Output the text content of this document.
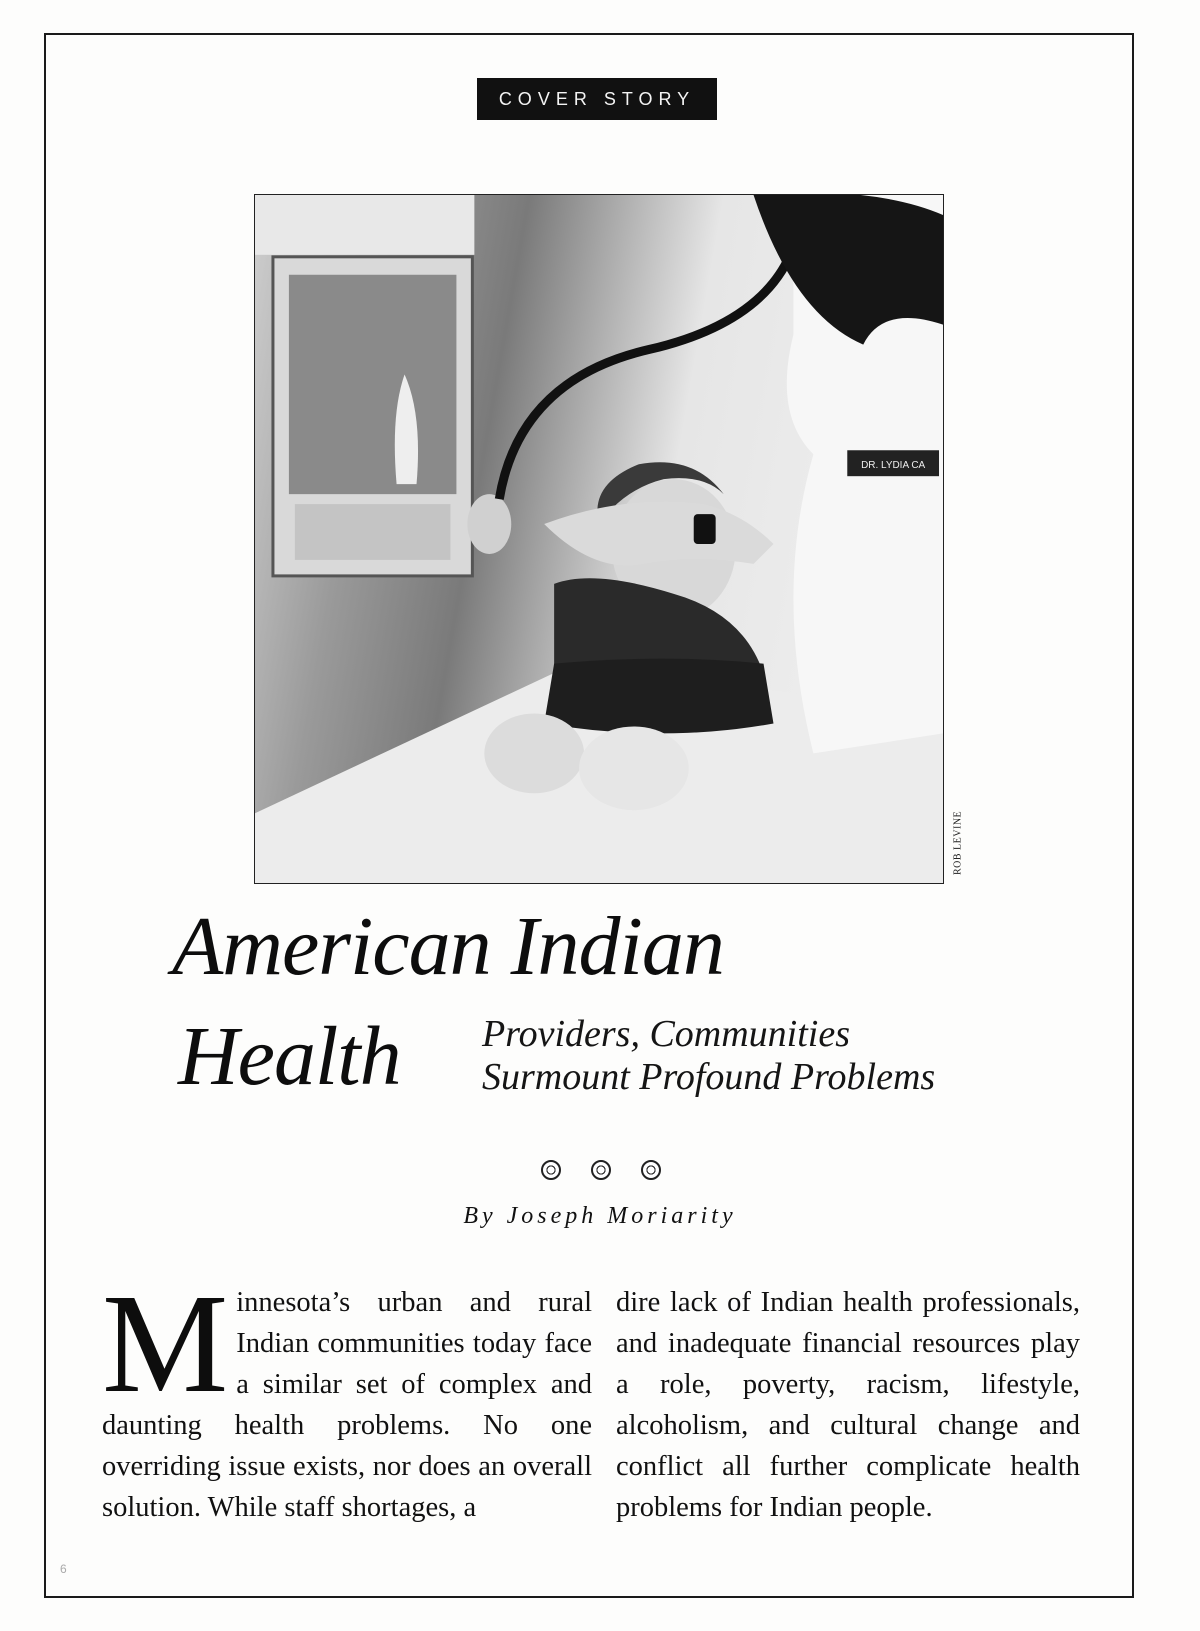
COVER STORY
DR. LYDIA CA
ROB LEVINE
American Indian
Health	Providers, Communities
Surmount Profound Problems
By Joseph Moriarity
Minnesota’s urban and rural Indian communities today face a similar set of complex and daunting health problems. No one overriding issue exists, nor does an overall solution. While staff shortages, a
dire lack of Indian health professionals, and inadequate financial resources play a role, poverty, racism, lifestyle, alcoholism, and cultural change and conflict all further complicate health problems for Indian people.
6
